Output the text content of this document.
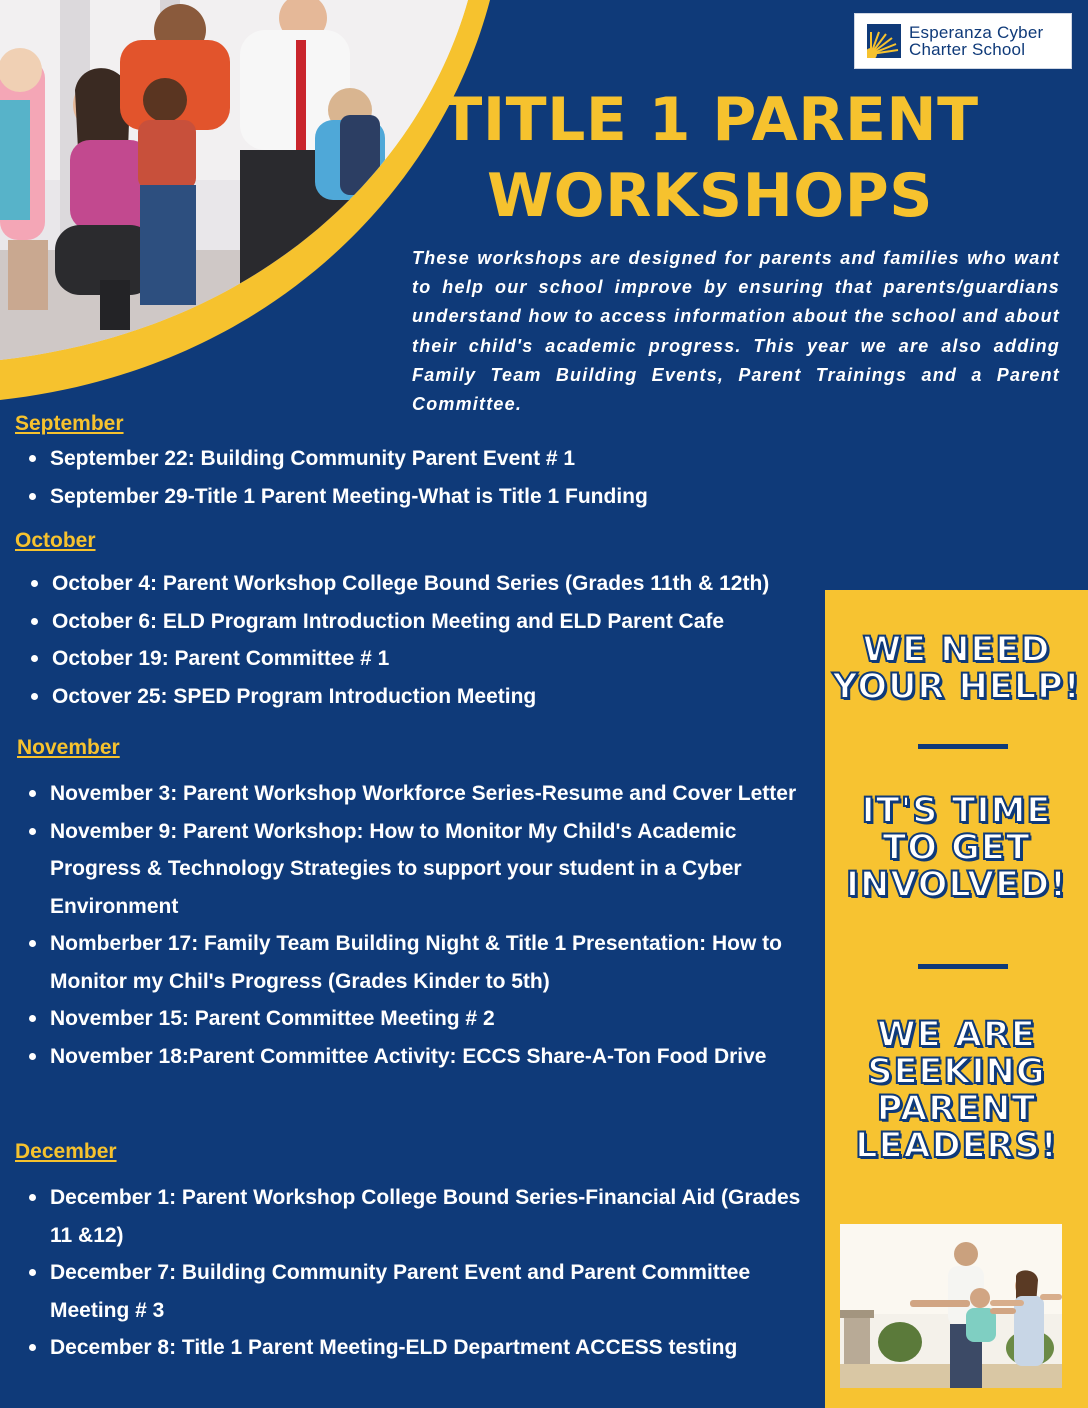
Esperanza Cyber
Charter School
TITLE 1 PARENT
WORKSHOPS
These workshops are designed for parents and families who want to help our school improve by ensuring that parents/guardians understand how to access information about the school and about their child's academic progress. This year we are also adding Family Team Building Events, Parent Trainings and a Parent Committee.
September
September 22: Building Community Parent Event # 1
September 29-Title 1 Parent Meeting-What is Title 1 Funding
October
October 4: Parent Workshop College Bound Series (Grades 11th & 12th)
October 6: ELD Program Introduction Meeting and ELD Parent Cafe
October 19: Parent Committee # 1
Octover 25: SPED Program Introduction Meeting
November
November 3: Parent Workshop Workforce Series-Resume and Cover Letter
November 9: Parent Workshop: How to Monitor My Child's Academic Progress & Technology Strategies to support your student in a Cyber Environment
Nomberber 17: Family Team Building Night & Title 1 Presentation: How to Monitor my Chil's Progress (Grades Kinder to 5th)
November 15: Parent Committee Meeting # 2
November 18:Parent Committee Activity: ECCS Share-A-Ton Food Drive
December
December 1: Parent Workshop College Bound Series-Financial Aid (Grades 11 &12)
December 7: Building Community Parent Event and Parent Committee Meeting # 3
December 8: Title 1 Parent Meeting-ELD Department ACCESS testing
WE NEED
YOUR HELP!
IT'S TIME
TO GET
INVOLVED!
WE ARE
SEEKING
PARENT
LEADERS!
